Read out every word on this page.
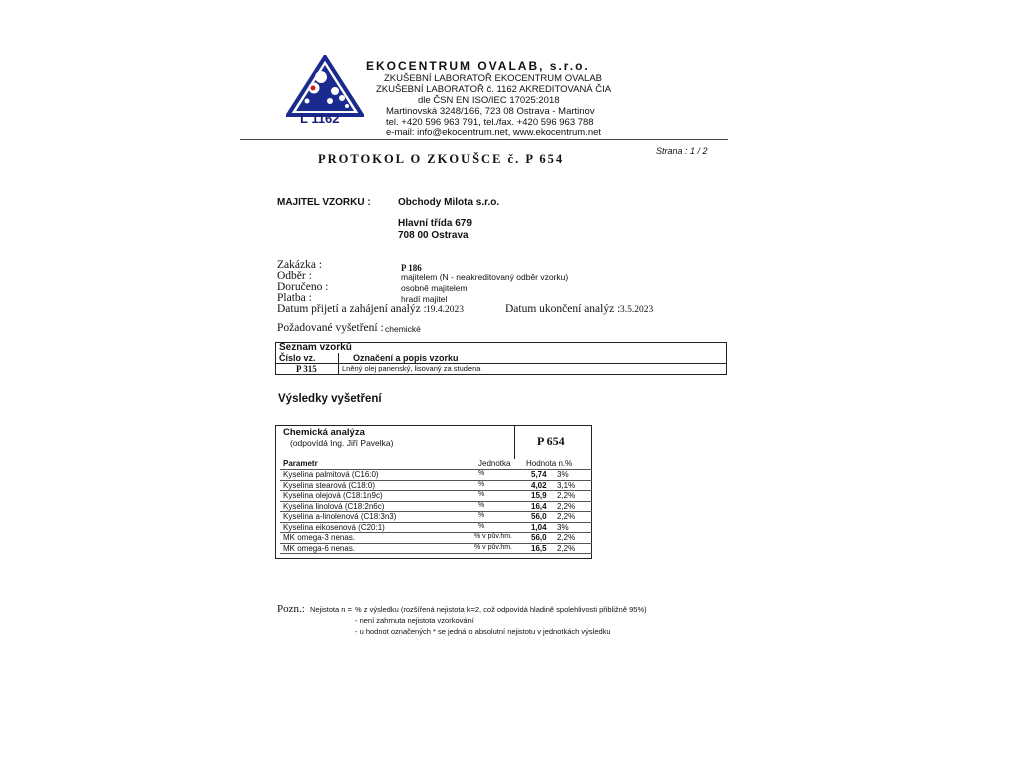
L 1162
EKOCENTRUM OVALAB, s.r.o.
ZKUŠEBNÍ LABORATOŘ EKOCENTRUM OVALAB
ZKUŠEBNÍ LABORATOŘ č. 1162 AKREDITOVANÁ ČIA
dle ČSN EN ISO/IEC 17025:2018
Martinovská 3248/166, 723 08 Ostrava - Martinov
tel. +420 596 963 791, tel./fax. +420 596 963 788
e-mail: info@ekocentrum.net, www.ekocentrum.net
PROTOKOL O ZKOUŠCE č. P 654
Strana : 1 / 2
MAJITEL VZORKU :	Obchody Milota s.r.o.
Hlavní třída 679
708 00 Ostrava
Zakázka :	P 186
Odběr :	majitelem (N - neakreditovaný odběr vzorku)
Doručeno :	osobně majitelem
Platba :	hradí majitel
Datum přijetí a zahájení analýz : 19.4.2023	Datum ukončení analýz : 3.5.2023
Požadované vyšetření : chemické
Seznam vzorků	
Číslo vz.	Označení a popis vzorku
P 315	Lněný olej panenský, lisovaný za studena
Výsledky vyšetření
Chemická analýza
(odpovídá Ing. Jiří Pavelka)	P 654
Parametr	Jednotka Hodnota n.%
Kyselina palmitová (C16:0)	%	5,74 3%
Kyselina stearová (C18:0)	%	4,02 3,1%
Kyselina olejová (C18:1n9c)	%	15,9 2,2%
Kyselina linolová (C18:2n6c)	%	16,4 2,2%
Kyselina a-linolenová (C18:3n3)	%	56,0 2,2%
Kyselina eikosenová (C20:1)	%	1,04 3%
MK omega-3 nenas.	% v pův.hm. 56,0 2,2%
MK omega-6 nenas.	% v pův.hm. 16,5 2,2%
Pozn.: Nejistota n = % z výsledku (rozšířená nejistota k=2, což odpovídá hladině spolehlivosti přibližně 95%)
- není zahrnuta nejistota vzorkování
- u hodnot označených * se jedná o absolutní nejistotu v jednotkách výsledku
